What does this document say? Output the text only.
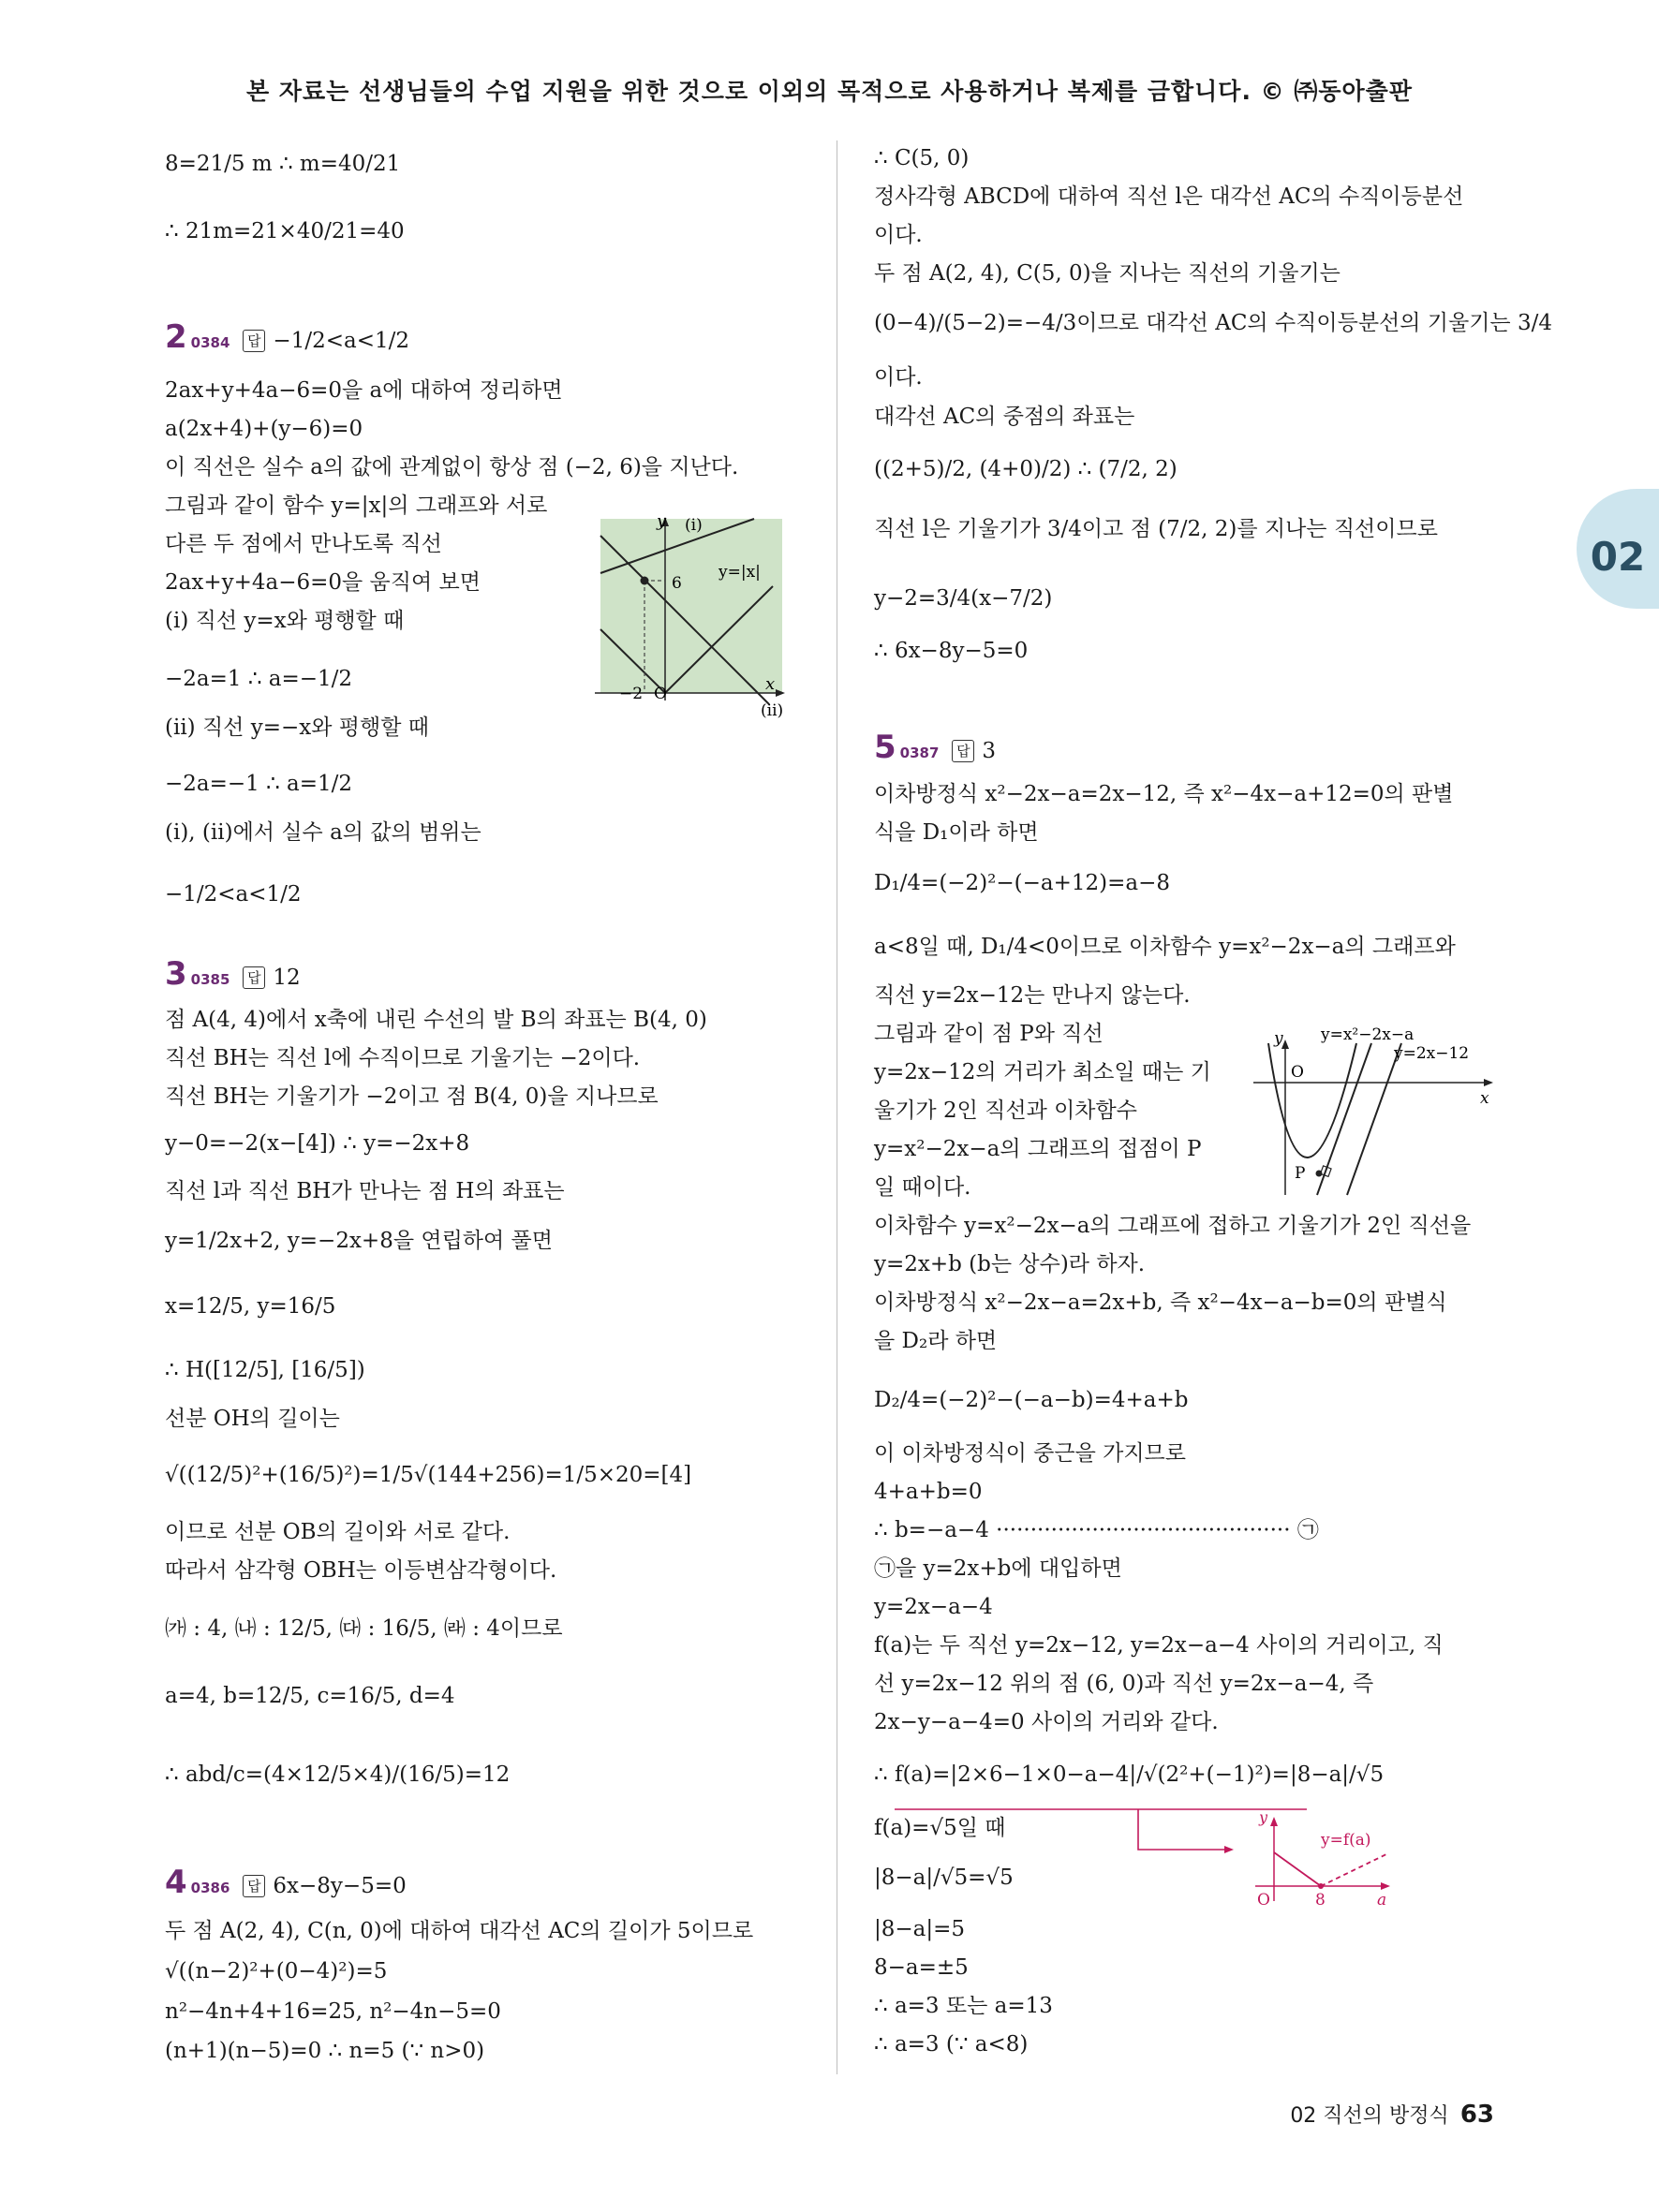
본 자료는 선생님들의 수업 지원을 위한 것으로 이외의 목적으로 사용하거나 복제를 금합니다. © ㈜동아출판
02
8=21/5 m ∴ m=40/21
∴ 21m=21×40/21=40
2 0384 답 −1/2<a<1/2
2ax+y+4a−6=0을 a에 대하여 정리하면
a(2x+4)+(y−6)=0
이 직선은 실수 a의 값에 관계없이 항상 점 (−2, 6)을 지난다.
그림과 같이 함수 y=|x|의 그래프와 서로
다른 두 점에서 만나도록 직선
2ax+y+4a−6=0을 움직여 보면
(i) 직선 y=x와 평행할 때
−2a=1 ∴ a=−1/2
(ii) 직선 y=−x와 평행할 때
−2a=−1 ∴ a=1/2
(i), (ii)에서 실수 a의 값의 범위는
−1/2<a<1/2
3 0385 답 12
점 A(4, 4)에서 x축에 내린 수선의 발 B의 좌표는 B(4, 0)
직선 BH는 직선 l에 수직이므로 기울기는 −2이다.
직선 BH는 기울기가 −2이고 점 B(4, 0)을 지나므로
y−0=−2(x−[4]) ∴ y=−2x+8
직선 l과 직선 BH가 만나는 점 H의 좌표는
y=1/2x+2, y=−2x+8을 연립하여 풀면
x=12/5, y=16/5
∴ H([12/5], [16/5])
선분 OH의 길이는
√((12/5)²+(16/5)²)=1/5√(144+256)=1/5×20=[4]
이므로 선분 OB의 길이와 서로 같다.
따라서 삼각형 OBH는 이등변삼각형이다.
㈎ : 4, ㈏ : 12/5, ㈐ : 16/5, ㈑ : 4이므로
a=4, b=12/5, c=16/5, d=4
∴ abd/c=(4×12/5×4)/(16/5)=12
4 0386 답 6x−8y−5=0
두 점 A(2, 4), C(n, 0)에 대하여 대각선 AC의 길이가 5이므로
√((n−2)²+(0−4)²)=5
n²−4n+4+16=25, n²−4n−5=0
(n+1)(n−5)=0 ∴ n=5 (∵ n>0)
y
x
O
−2
6
y=|x|
(i)
(ii)
∴ C(5, 0)
정사각형 ABCD에 대하여 직선 l은 대각선 AC의 수직이등분선
이다.
두 점 A(2, 4), C(5, 0)을 지나는 직선의 기울기는
(0−4)/(5−2)=−4/3이므로 대각선 AC의 수직이등분선의 기울기는 3/4
이다.
대각선 AC의 중점의 좌표는
((2+5)/2, (4+0)/2) ∴ (7/2, 2)
직선 l은 기울기가 3/4이고 점 (7/2, 2)를 지나는 직선이므로
y−2=3/4(x−7/2)
∴ 6x−8y−5=0
5 0387 답 3
이차방정식 x²−2x−a=2x−12, 즉 x²−4x−a+12=0의 판별
식을 D₁이라 하면
D₁/4=(−2)²−(−a+12)=a−8
a<8일 때, D₁/4<0이므로 이차함수 y=x²−2x−a의 그래프와
직선 y=2x−12는 만나지 않는다.
그림과 같이 점 P와 직선
y=2x−12의 거리가 최소일 때는 기
울기가 2인 직선과 이차함수
y=x²−2x−a의 그래프의 접점이 P
일 때이다.
이차함수 y=x²−2x−a의 그래프에 접하고 기울기가 2인 직선을
y=2x+b (b는 상수)라 하자.
이차방정식 x²−2x−a=2x+b, 즉 x²−4x−a−b=0의 판별식
을 D₂라 하면
D₂/4=(−2)²−(−a−b)=4+a+b
이 이차방정식이 중근을 가지므로
4+a+b=0
∴ b=−a−4 ··········································· ㉠
㉠을 y=2x+b에 대입하면
y=2x−a−4
f(a)는 두 직선 y=2x−12, y=2x−a−4 사이의 거리이고, 직
선 y=2x−12 위의 점 (6, 0)과 직선 y=2x−a−4, 즉
2x−y−a−4=0 사이의 거리와 같다.
∴ f(a)=|2×6−1×0−a−4|/√(2²+(−1)²)=|8−a|/√5
f(a)=√5일 때
|8−a|/√5=√5
|8−a|=5
8−a=±5
∴ a=3 또는 a=13
∴ a=3 (∵ a<8)
y
x
O
P
y=x²−2x−a
y=2x−12
y
a
O	8
y=f(a)
02 직선의 방정식 63
